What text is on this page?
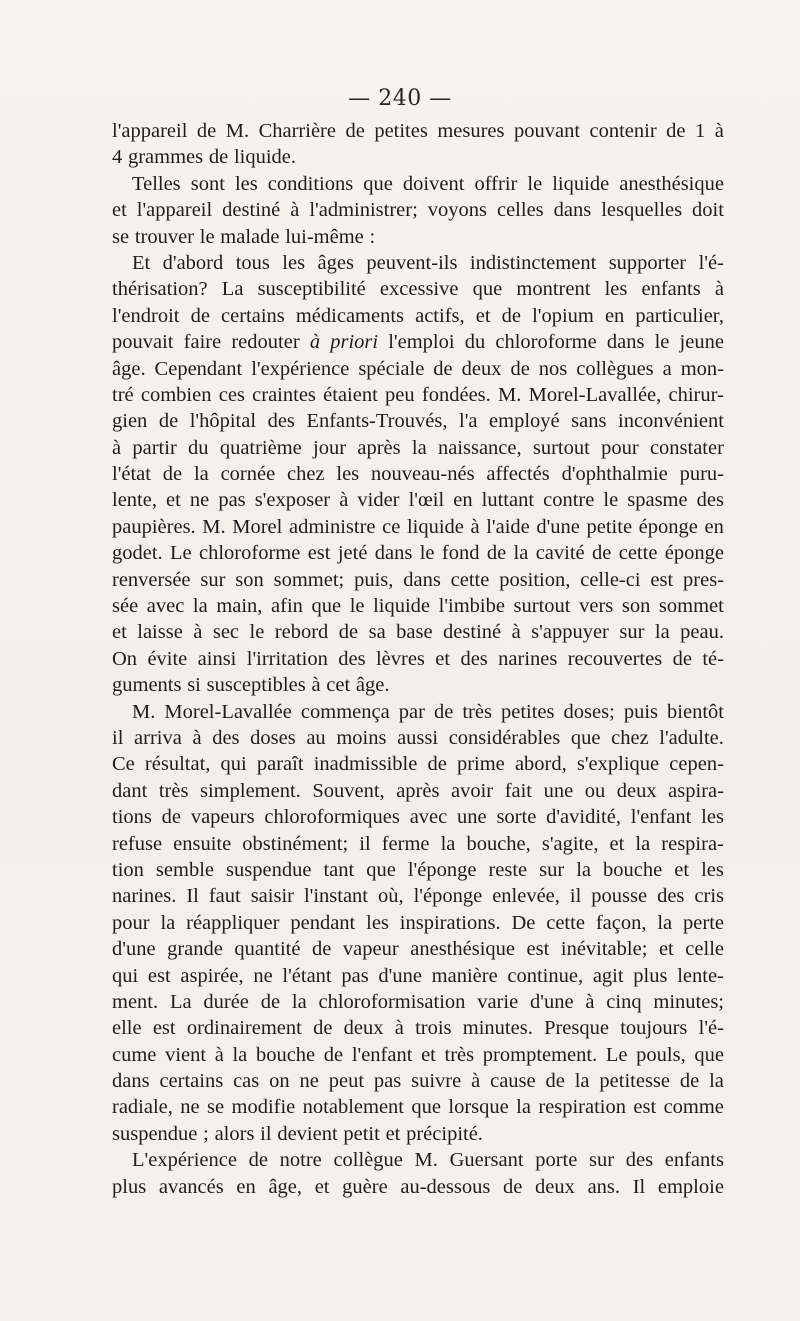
— 240 —
l'appareil de M. Charrière de petites mesures pouvant contenir de 1 à
4 grammes de liquide.
Telles sont les conditions que doivent offrir le liquide anesthésique
et l'appareil destiné à l'administrer; voyons celles dans lesquelles doit
se trouver le malade lui-même :
Et d'abord tous les âges peuvent-ils indistinctement supporter l'é-
thérisation? La susceptibilité excessive que montrent les enfants à
l'endroit de certains médicaments actifs, et de l'opium en particulier,
pouvait faire redouter à priori l'emploi du chloroforme dans le jeune
âge. Cependant l'expérience spéciale de deux de nos collègues a mon-
tré combien ces craintes étaient peu fondées. M. Morel-Lavallée, chirur-
gien de l'hôpital des Enfants-Trouvés, l'a employé sans inconvénient
à partir du quatrième jour après la naissance, surtout pour constater
l'état de la cornée chez les nouveau-nés affectés d'ophthalmie puru-
lente, et ne pas s'exposer à vider l'œil en luttant contre le spasme des
paupières. M. Morel administre ce liquide à l'aide d'une petite éponge en
godet. Le chloroforme est jeté dans le fond de la cavité de cette éponge
renversée sur son sommet; puis, dans cette position, celle-ci est pres-
sée avec la main, afin que le liquide l'imbibe surtout vers son sommet
et laisse à sec le rebord de sa base destiné à s'appuyer sur la peau.
On évite ainsi l'irritation des lèvres et des narines recouvertes de té-
guments si susceptibles à cet âge.
M. Morel-Lavallée commença par de très petites doses; puis bientôt
il arriva à des doses au moins aussi considérables que chez l'adulte.
Ce résultat, qui paraît inadmissible de prime abord, s'explique cepen-
dant très simplement. Souvent, après avoir fait une ou deux aspira-
tions de vapeurs chloroformiques avec une sorte d'avidité, l'enfant les
refuse ensuite obstinément; il ferme la bouche, s'agite, et la respira-
tion semble suspendue tant que l'éponge reste sur la bouche et les
narines. Il faut saisir l'instant où, l'éponge enlevée, il pousse des cris
pour la réappliquer pendant les inspirations. De cette façon, la perte
d'une grande quantité de vapeur anesthésique est inévitable; et celle
qui est aspirée, ne l'étant pas d'une manière continue, agit plus lente-
ment. La durée de la chloroformisation varie d'une à cinq minutes;
elle est ordinairement de deux à trois minutes. Presque toujours l'é-
cume vient à la bouche de l'enfant et très promptement. Le pouls, que
dans certains cas on ne peut pas suivre à cause de la petitesse de la
radiale, ne se modifie notablement que lorsque la respiration est comme
suspendue ; alors il devient petit et précipité.
L'expérience de notre collègue M. Guersant porte sur des enfants
plus avancés en âge, et guère au-dessous de deux ans. Il emploie
